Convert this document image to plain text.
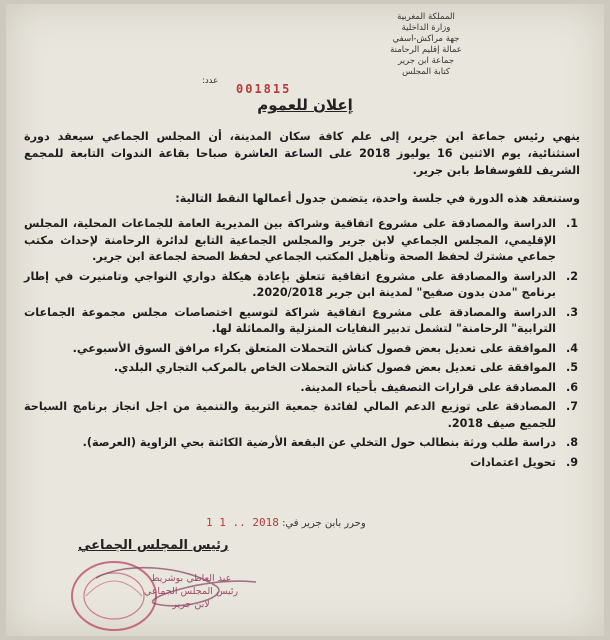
المملكة المغربية
وزارة الداخلية
جهة مراكش-اسفي
عمالة إقليم الرحامنة
جماعة ابن جرير
كتابة المجلس
عدد:
001815
إعلان للعموم

ينهي رئيس جماعة ابن جرير، إلى علم كافة سكان المدينة، أن المجلس الجماعي سيعقد دورة استثنائية، يوم الاثنين 16 يوليوز 2018 على الساعة العاشرة صباحا بقاعة الندوات التابعة للمجمع الشريف للفوسفاط بابن جرير.

وستنعقد هذه الدورة في جلسة واحدة، يتضمن جدول أعمالها النقط التالية:

1.
الدراسة والمصادقة على مشروع اتفاقية وشراكة بين المديرية العامة للجماعات المحلية، المجلس الإقليمي، المجلس الجماعي لابن جرير والمجلس الجماعية التابع لدائرة الرحامنة لإحداث مكتب جماعي مشترك لحفظ الصحة وتأهيل المكتب الجماعي لحفظ الصحة لجماعة ابن جرير.
2.
الدراسة والمصادقة على مشروع اتفاقية تتعلق بإعادة هيكلة دواري النواجي وتامنيرت في إطار برنامج "مدن بدون صفيح" لمدينة ابن جرير 2020/2018.
3.
الدراسة والمصادقة على مشروع اتفاقية شراكة لتوسيع اختصاصات مجلس مجموعة الجماعات الترابية" الرحامنة" لتشمل تدبير النفايات المنزلية والمماثلة لها.
4.
الموافقة على تعديل بعض فصول كناش التحملات المتعلق بكراء مرافق السوق الأسبوعي.
5.
الموافقة على تعديل بعض فصول كناش التحملات الخاص بالمركب التجاري البلدي.
6.
المصادقة على قرارات التصفيف بأحياء المدينة.
7.
المصادقة على توزيع الدعم المالي لفائدة جمعية التربية والتنمية من اجل انجاز برنامج السباحة للجميع صيف 2018.
8.
دراسة طلب ورثة بنطالب حول التخلي عن البقعة الأرضية الكائنة بحي الزاوية (العرصة).
9.
تحويل اعتمادات
وحرر بابن جرير في: 2018 .. 1 1
رئيس المجلس الجماعي
عبد العاطي بوشريط
رئيس المجلس الجماعي
لابن جرير
